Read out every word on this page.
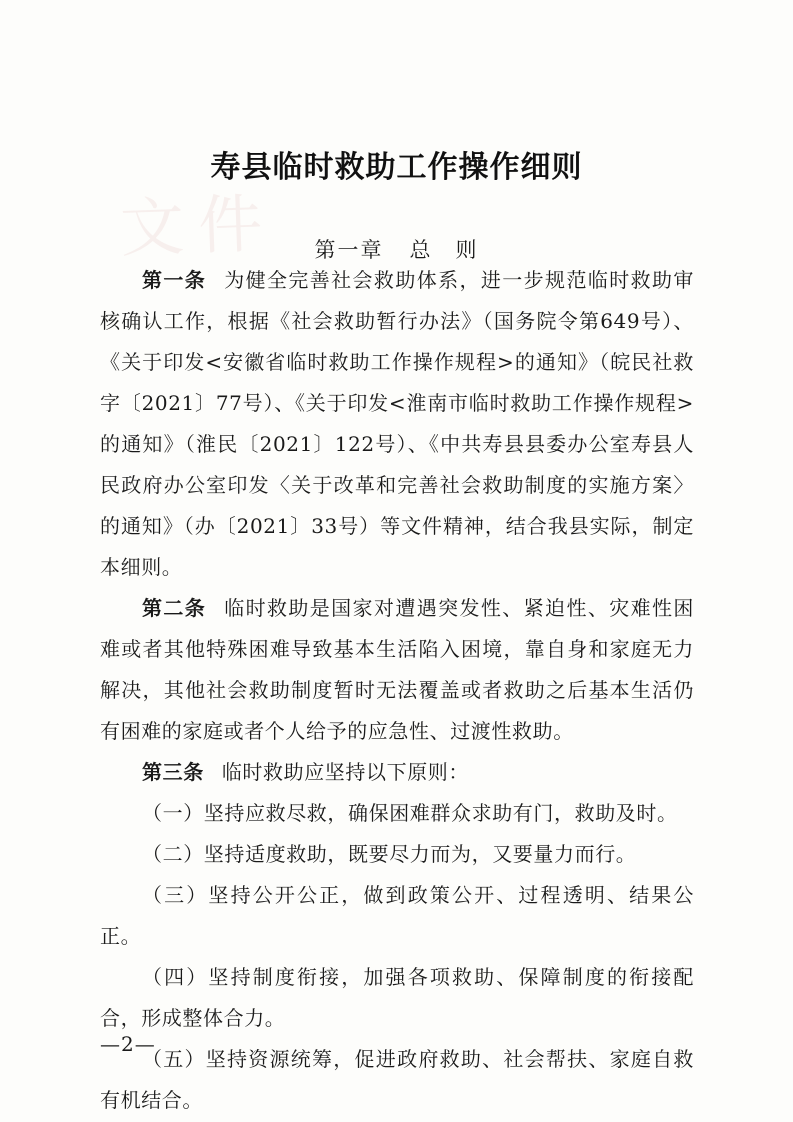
文件
寿县临时救助工作操作细则
第一章 总　则

第一条 为健全完善社会救助体系，进一步规范临时救助审核确认工作，根据《社会救助暂行办法》（国务院令第649号）、《关于印发<安徽省临时救助工作操作规程>的通知》（皖民社救字〔2021〕77号）、《关于印发<淮南市临时救助工作操作规程>的通知》（淮民〔2021〕122号）、《中共寿县县委办公室寿县人民政府办公室印发〈关于改革和完善社会救助制度的实施方案〉的通知》（办〔2021〕33号）等文件精神，结合我县实际，制定本细则。

第二条 临时救助是国家对遭遇突发性、紧迫性、灾难性困难或者其他特殊困难导致基本生活陷入困境，靠自身和家庭无力解决，其他社会救助制度暂时无法覆盖或者救助之后基本生活仍有困难的家庭或者个人给予的应急性、过渡性救助。

第三条 临时救助应坚持以下原则：

（一）坚持应救尽救，确保困难群众求助有门，救助及时。

（二）坚持适度救助，既要尽力而为，又要量力而行。

（三）坚持公开公正，做到政策公开、过程透明、结果公正。

（四）坚持制度衔接，加强各项救助、保障制度的衔接配合，形成整体合力。

（五）坚持资源统筹，促进政府救助、社会帮扶、家庭自救有机结合。

—2—
